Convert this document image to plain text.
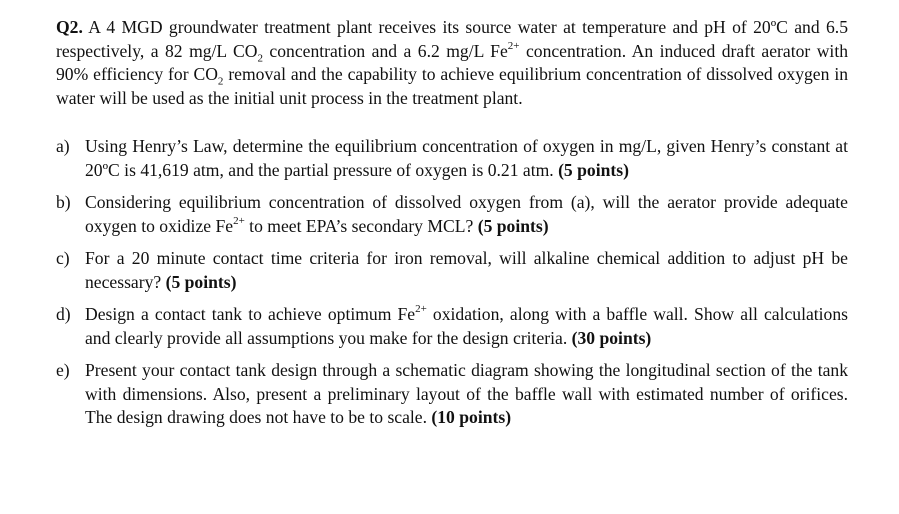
Q2. A 4 MGD groundwater treatment plant receives its source water at temperature and pH of 20ºC and 6.5 respectively, a 82 mg/L $CO_2$ concentration and a 6.2 mg/L $Fe^{2+}$ concentration. An induced draft aerator with 90% efficiency for $CO_2$ removal and the capability to achieve equilibrium concentration of dissolved oxygen in water will be used as the initial unit process in the treatment plant.

a) Using Henry’s Law, determine the equilibrium concentration of oxygen in mg/L, given Henry’s constant at 20ºC is 41,619 atm, and the partial pressure of oxygen is 0.21 atm. (5 points)
b) Considering equilibrium concentration of dissolved oxygen from (a), will the aerator provide adequate oxygen to oxidize $Fe^{2+}$ to meet EPA’s secondary MCL? (5 points)
c) For a 20 minute contact time criteria for iron removal, will alkaline chemical addition to adjust pH be necessary? (5 points)
d) Design a contact tank to achieve optimum $Fe^{2+}$ oxidation, along with a baffle wall. Show all calculations and clearly provide all assumptions you make for the design criteria. (30 points)
e) Present your contact tank design through a schematic diagram showing the longitudinal section of the tank with dimensions. Also, present a preliminary layout of the baffle wall with estimated number of orifices. The design drawing does not have to be to scale. (10 points)
